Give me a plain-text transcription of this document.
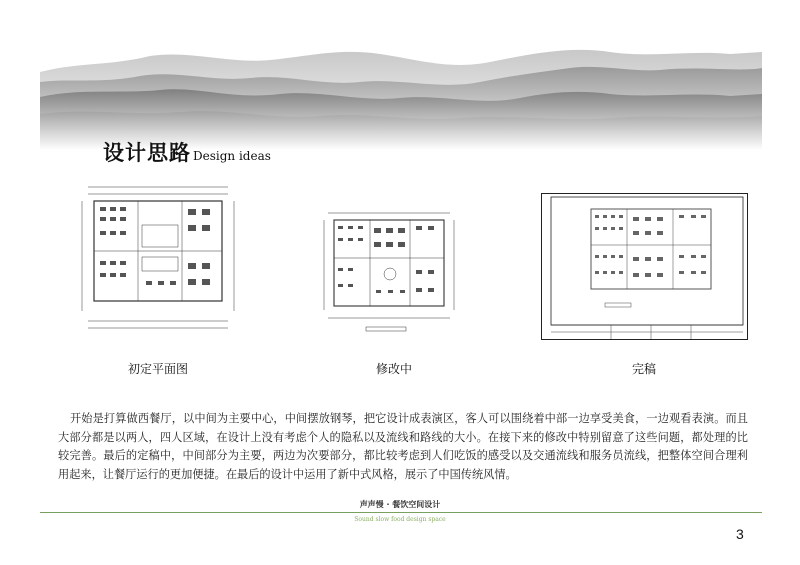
设计思路 Design ideas
初定平面图	修改中	完稿
开始是打算做西餐厅，以中间为主要中心，中间摆放钢琴，把它设计成表演区，客人可以围绕着中部一边享受美食，一边观看表演。而且大部分都是以两人，四人区域，在设计上没有考虑个人的隐私以及流线和路线的大小。在接下来的修改中特别留意了这些问题，都处理的比较完善。最后的定稿中，中间部分为主要，两边为次要部分，都比较考虑到人们吃饭的感受以及交通流线和服务员流线，把整体空间合理利用起来，让餐厅运行的更加便捷。在最后的设计中运用了新中式风格，展示了中国传统风情。
声声慢 · 餐饮空间设计
Sound slow food design space
3
